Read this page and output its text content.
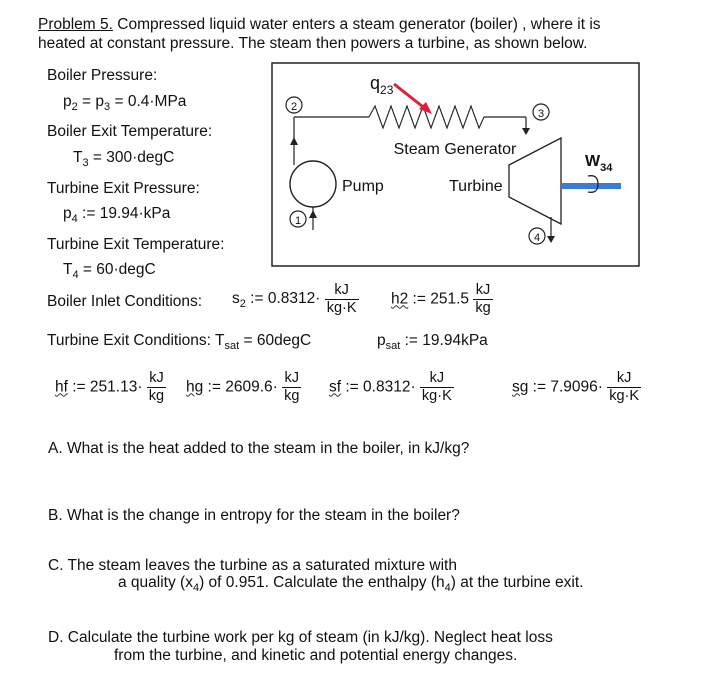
Problem 5. Compressed liquid water enters a steam generator (boiler) , where it is
heated at constant pressure. The steam then powers a turbine, as shown below.
Boiler Pressure:
$p_2 = p_3 = 0.4\cdot MPa$
Boiler Exit Temperature:
$T_3$ = 300·degC
Turbine Exit Pressure:
$p_4$ := 19.94·kPa
Turbine Exit Temperature:
$T_4$ = 60·degC
$q_{23}$
Steam Generator
2
1
Pump	Turbine
$W_{34}$
3
4
Boiler Inlet Conditions: $s_2$ := $0.8312\cdot \frac{kJ}{kg\cdot K} h2$ := $251.5 \frac{kJ}{kg}$
Turbine Exit Conditions: $T_{sat}$ = 60degC	$p_{sat}$ := 19.94kPa
hf := $251.13\cdot \frac{kJ}{kg}$ hg := $2609.6\cdot \frac{kJ}{kg}$ sf := $0.8312\cdot \frac{kJ}{kg\cdot K}$	sg := $7.9096\cdot \frac{kJ}{kg\cdot K}$
A. What is the heat added to the steam in the boiler, in kJ/kg?
B. What is the change in entropy for the steam in the boiler?
C. The steam leaves the turbine as a saturated mixture with
a quality $(x_4)$ of 0.951. Calculate the enthalpy $(h_4)$ at the turbine exit.
D. Calculate the turbine work per kg of steam (in kJ/kg). Neglect heat loss
from the turbine, and kinetic and potential energy changes.
